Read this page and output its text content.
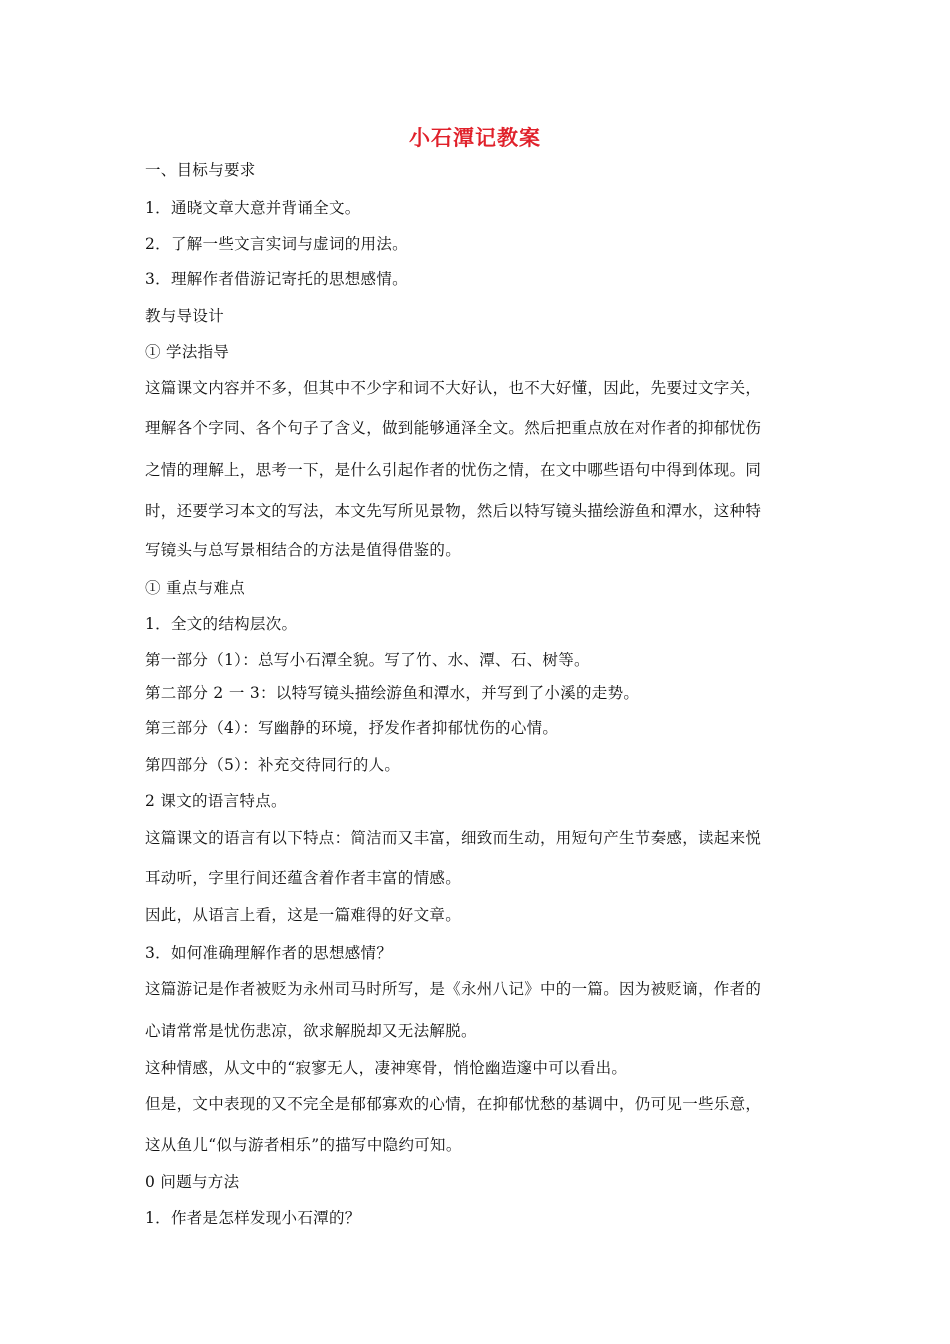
小石潭记教案
一、目标与要求
1．通晓文章大意并背诵全文。
2．了解一些文言实词与虚词的用法。
3．理解作者借游记寄托的思想感情。
教与导设计
① 学法指导
这篇课文内容并不多，但其中不少字和词不大好认，也不大好懂，因此，先要过文字关，
理解各个字同、各个句子了含义，做到能够通泽全文。然后把重点放在对作者的抑郁忧伤
之情的理解上，思考一下，是什么引起作者的忧伤之情，在文中哪些语句中得到体现。同
时，还要学习本文的写法，本文先写所见景物，然后以特写镜头描绘游鱼和潭水，这种特
写镜头与总写景相结合的方法是值得借鉴的。
① 重点与难点
1．全文的结构层次。
第一部分（1）：总写小石潭全貌。写了竹、水、潭、石、树等。
第二部分 2 一 3：以特写镜头描绘游鱼和潭水，并写到了小溪的走势。
第三部分（4）：写幽静的环境，抒发作者抑郁忧伤的心情。
第四部分（5）：补充交待同行的人。
2 课文的语言特点。
这篇课文的语言有以下特点：简洁而又丰富，细致而生动，用短句产生节奏感，读起来悦
耳动听，字里行间还蕴含着作者丰富的情感。
因此，从语言上看，这是一篇难得的好文章。
3．如何准确理解作者的思想感情？
这篇游记是作者被贬为永州司马时所写，是《永州八记》中的一篇。因为被贬谪，作者的
心请常常是忧伤悲凉，欲求解脱却又无法解脱。
这种情感，从文中的“寂寥无人，凄神寒骨，悄怆幽造邃中可以看出。
但是，文中表现的又不完全是郁郁寡欢的心情，在抑郁忧愁的基调中，仍可见一些乐意，
这从鱼儿“似与游者相乐”的描写中隐约可知。
0 问题与方法
1．作者是怎样发现小石潭的？
